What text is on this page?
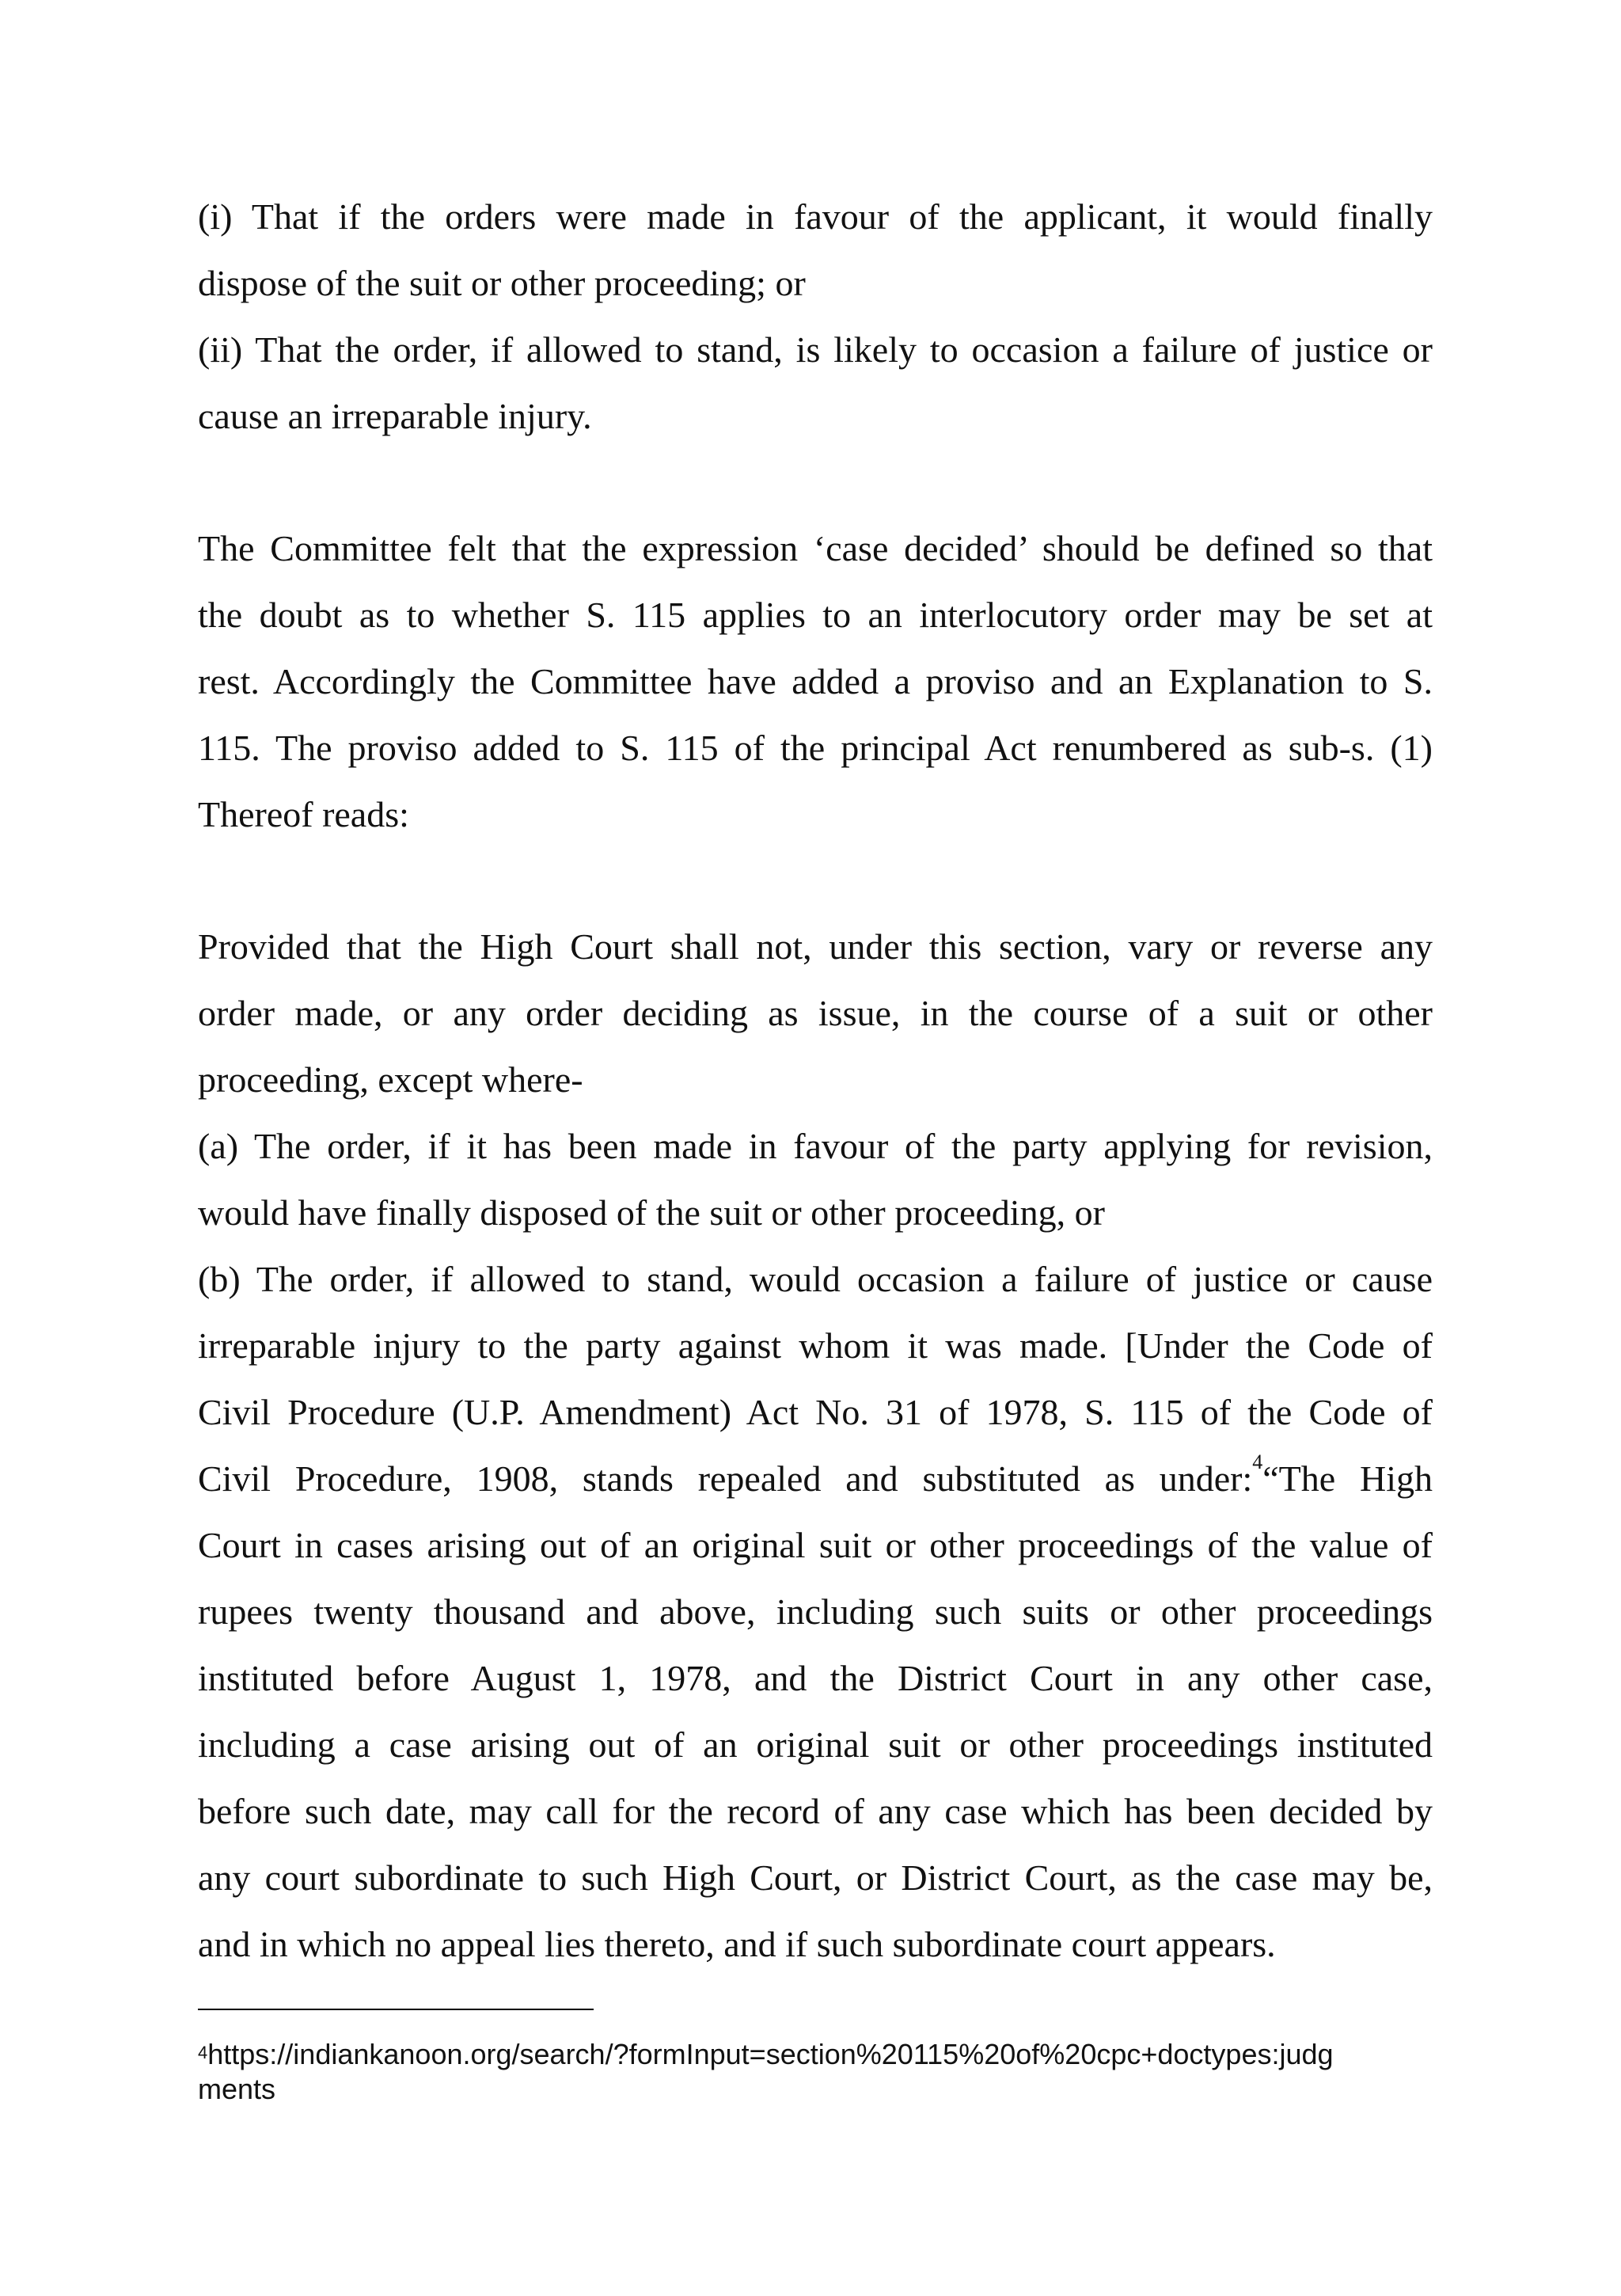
(i) That if the orders were made in favour of the applicant, it would finally
dispose of the suit or other proceeding; or
(ii) That the order, if allowed to stand, is likely to occasion a failure of justice or
cause an irreparable injury.
The Committee felt that the expression ‘case decided’ should be defined so that
the doubt as to whether S. 115 applies to an interlocutory order may be set at
rest. Accordingly the Committee have added a proviso and an Explanation to S.
115. The proviso added to S. 115 of the principal Act renumbered as sub-s. (1)
Thereof reads:
Provided that the High Court shall not, under this section, vary or reverse any
order made, or any order deciding as issue, in the course of a suit or other
proceeding, except where-
(a) The order, if it has been made in favour of the party applying for revision,
would have finally disposed of the suit or other proceeding, or
(b) The order, if allowed to stand, would occasion a failure of justice or cause
irreparable injury to the party against whom it was made. [Under the Code of
Civil Procedure (U.P. Amendment) Act No. 31 of 1978, S. 115 of the Code of
Civil Procedure, 1908, stands repealed and substituted as under:$^4$“The High
Court in cases arising out of an original suit or other proceedings of the value of
rupees twenty thousand and above, including such suits or other proceedings
instituted before August 1, 1978, and the District Court in any other case,
including a case arising out of an original suit or other proceedings instituted
before such date, may call for the record of any case which has been decided by
any court subordinate to such High Court, or District Court, as the case may be,
and in which no appeal lies thereto, and if such subordinate court appears.
$^4$https://indiankanoon.org/search/?formInput=section%20115%20of%20cpc+doctypes:judg
ments
